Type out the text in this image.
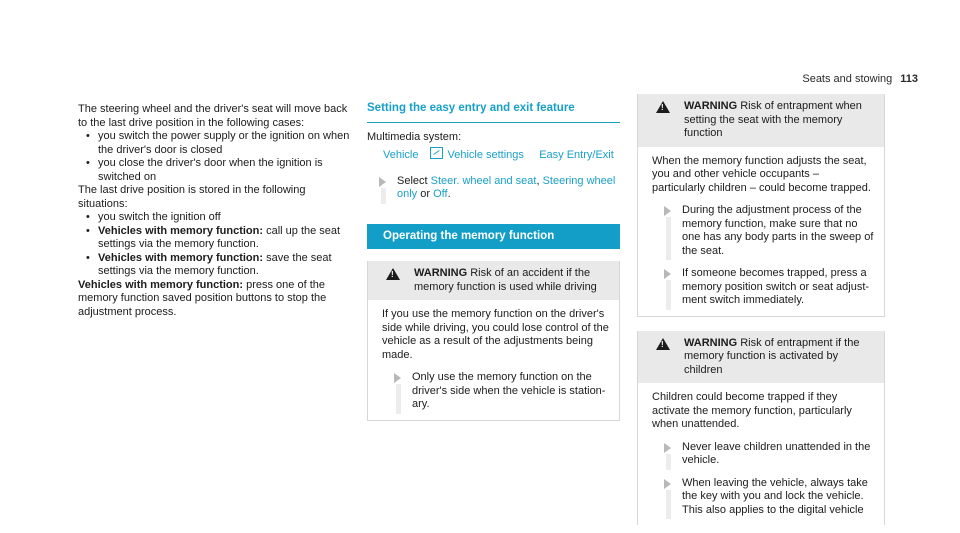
Seats and stowing 113

The steering wheel and the driver's seat will move back to the last drive position in the following cases:

• you switch the power supply or the ignition on when the driver's door is closed
• you close the driver's door when the ignition is switched on

The last drive position is stored in the following situations:

• you switch the ignition off
• Vehicles with memory function: call up the seat settings via the memory function.
• Vehicles with memory function: save the seat settings via the memory function.

Vehicles with memory function: press one of the memory function saved position buttons to stop the adjustment process.

Setting the easy entry and exit feature

Multimedia system:

Vehicle	Vehicle settings Easy Entry/Exit

Select Steer. wheel and seat, Steering wheel only or Off.
Operating the memory function
! WARNING Risk of an accident if the memory function is used while driving

If you use the memory function on the driver's side while driving, you could lose control of the vehicle as a result of the adjustments being made.

Only use the memory function on the driver's side when the vehicle is station-ary.
! WARNING Risk of entrapment when setting the seat with the memory function

When the memory function adjusts the seat, you and other vehicle occupants – particularly children – could become trapped.

During the adjustment process of the memory function, make sure that no one has any body parts in the sweep of the seat.
If someone becomes trapped, press a memory position switch or seat adjust-ment switch immediately.
! WARNING Risk of entrapment if the memory function is activated by children

Children could become trapped if they activate the memory function, particularly when unattended.

Never leave children unattended in the vehicle.
When leaving the vehicle, always take the key with you and lock the vehicle. This also applies to the digital vehicle
